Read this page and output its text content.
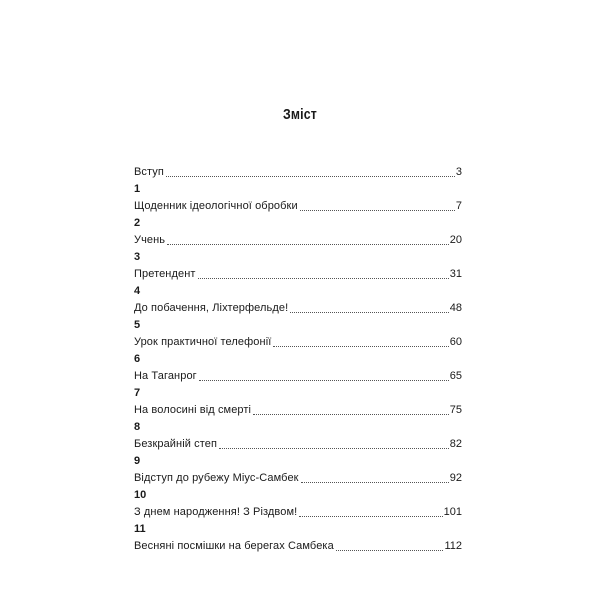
Зміст
Вступ	3
1
Щоденник ідеологічної обробки	7
2
Учень	20
3
Претендент	31
4
До побачення, Ліхтерфельде!	48
5
Урок практичної телефонії	60
6
На Таганрог	65
7
На волосині від смерті	75
8
Безкрайній степ	82
9
Відступ до рубежу Міус-Самбек	92
10
З днем народження! З Різдвом!	101
11
Весняні посмішки на берегах Самбека	112
